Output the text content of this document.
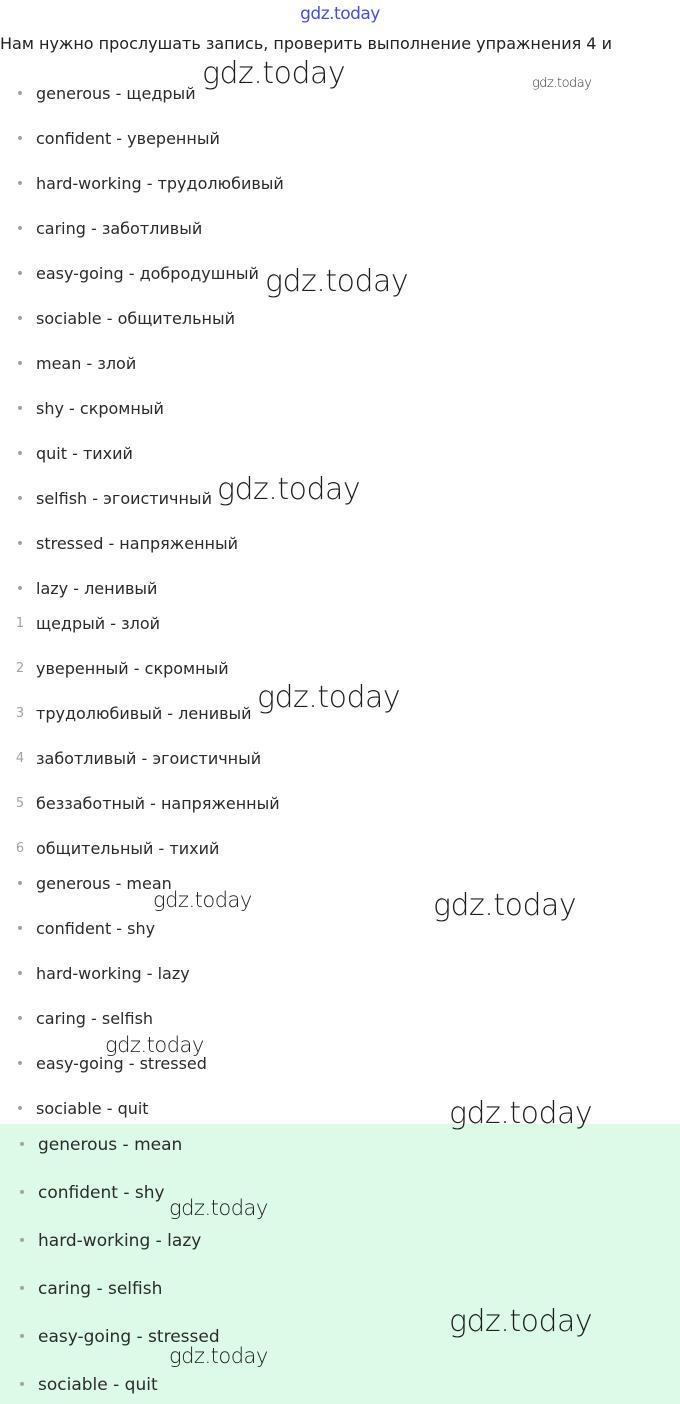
gdz.today
Нам нужно прослушать запись, проверить выполнение упражнения 4 и
• generous - щедрый
• confident - уверенный
• hard-working - трудолюбивый
• caring - заботливый
• easy-going - добродушный
• sociable - общительный
• mean - злой
• shy - скромный
• quit - тихий
• selfish - эгоистичный
• stressed - напряженный
• lazy - ленивый
1 щедрый - злой
2 уверенный - скромный
3 трудолюбивый - ленивый
4 заботливый - эгоистичный
5 беззаботный - напряженный
6 общительный - тихий
• generous - mean
• confident - shy
• hard-working - lazy
• caring - selfish
• easy-going - stressed
• sociable - quit
• generous - mean
• confident - shy
• hard-working - lazy
• caring - selfish
• easy-going - stressed
• sociable - quit
gdz.today	gdz.today
gdz.today
gdz.today
gdz.today
gdz.today	gdz.today
gdz.today
gdz.today
gdz.today
gdz.today
gdz.today
